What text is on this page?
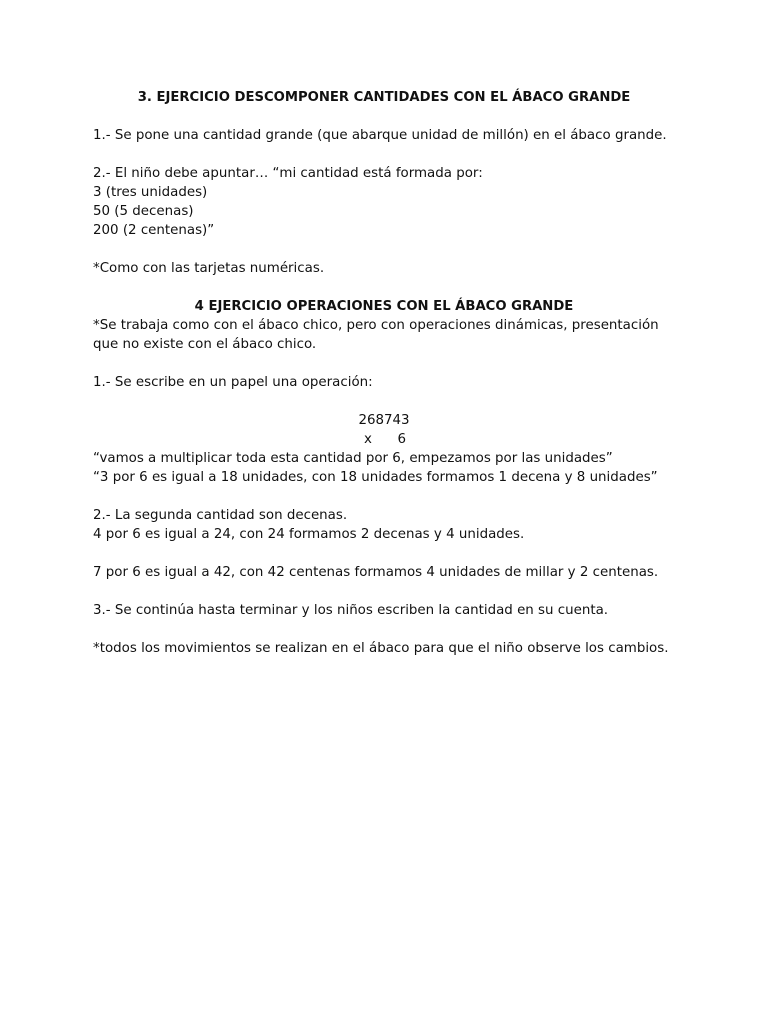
3. EJERCICIO DESCOMPONER CANTIDADES CON EL ÁBACO GRANDE

1.- Se pone una cantidad grande (que abarque unidad de millón) en el ábaco grande.

2.- El niño debe apuntar… “mi cantidad está formada por:

3 (tres unidades)

50 (5 decenas)

200 (2 centenas)”

*Como con las tarjetas numéricas.

4 EJERCICIO OPERACIONES CON EL ÁBACO GRANDE

*Se trabaja como con el ábaco chico, pero con operaciones dinámicas, presentación que no existe con el ábaco chico.

1.- Se escribe en un papel una operación:

268743
x 6

“vamos a multiplicar toda esta cantidad por 6, empezamos por las unidades”

“3 por 6 es igual a 18 unidades, con 18 unidades formamos 1 decena y 8 unidades”

2.- La segunda cantidad son decenas.

4 por 6 es igual a 24, con 24 formamos 2 decenas y 4 unidades.

7 por 6 es igual a 42, con 42 centenas formamos 4 unidades de millar y 2 centenas.

3.- Se continúa hasta terminar y los niños escriben la cantidad en su cuenta.

*todos los movimientos se realizan en el ábaco para que el niño observe los cambios.
